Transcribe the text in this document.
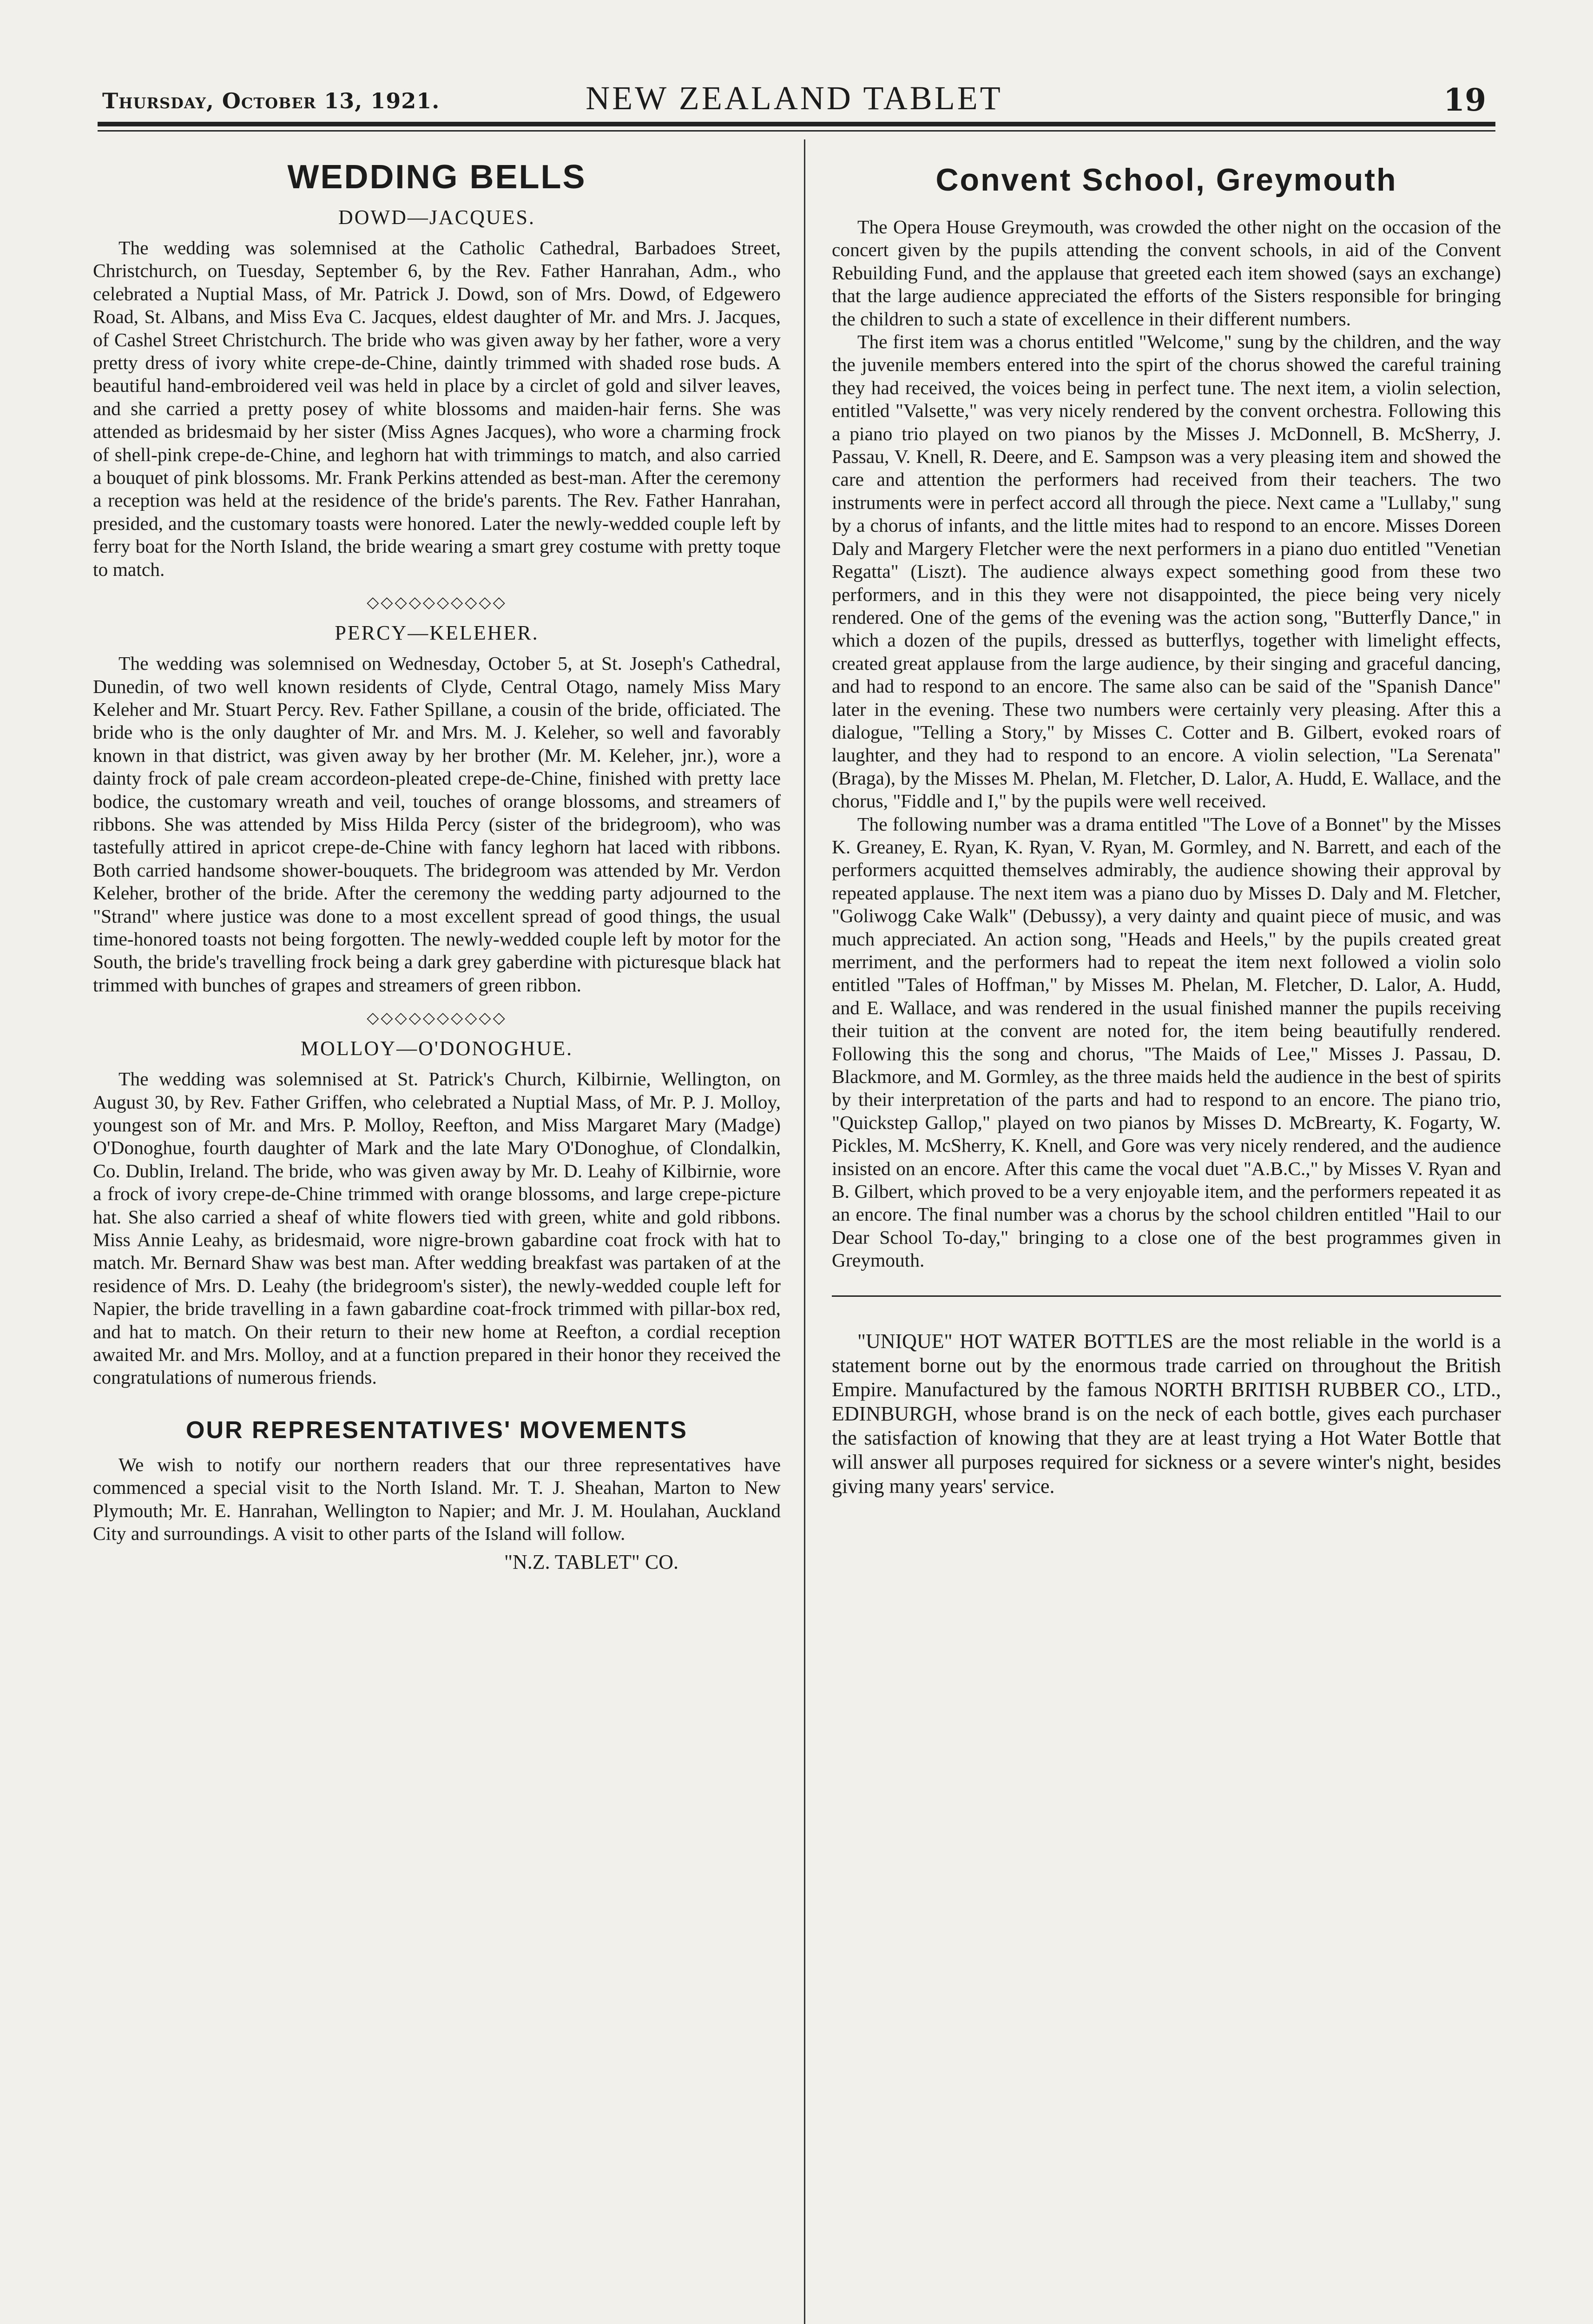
Thursday, October 13, 1921.	NEW ZEALAND TABLET	19
WEDDING BELLS
DOWD—JACQUES.

The wedding was solemnised at the Catholic Cathedral, Barbadoes Street, Christchurch, on Tuesday, September 6, by the Rev. Father Hanrahan, Adm., who celebrated a Nuptial Mass, of Mr. Patrick J. Dowd, son of Mrs. Dowd, of Edgewero Road, St. Albans, and Miss Eva C. Jacques, eldest daughter of Mr. and Mrs. J. Jacques, of Cashel Street Christchurch. The bride who was given away by her father, wore a very pretty dress of ivory white crepe-de-Chine, daintly trimmed with shaded rose buds. A beautiful hand-embroidered veil was held in place by a circlet of gold and silver leaves, and she carried a pretty posey of white blossoms and maiden-hair ferns. She was attended as bridesmaid by her sister (Miss Agnes Jacques), who wore a charming frock of shell-pink crepe-de-Chine, and leghorn hat with trimmings to match, and also carried a bouquet of pink blossoms. Mr. Frank Perkins attended as best-man. After the ceremony a reception was held at the residence of the bride's parents. The Rev. Father Hanrahan, presided, and the customary toasts were honored. Later the newly-wedded couple left by ferry boat for the North Island, the bride wearing a smart grey costume with pretty toque to match.

◇◇◇◇◇◇◇◇◇◇
PERCY—KELEHER.

The wedding was solemnised on Wednesday, October 5, at St. Joseph's Cathedral, Dunedin, of two well known residents of Clyde, Central Otago, namely Miss Mary Keleher and Mr. Stuart Percy. Rev. Father Spillane, a cousin of the bride, officiated. The bride who is the only daughter of Mr. and Mrs. M. J. Keleher, so well and favorably known in that district, was given away by her brother (Mr. M. Keleher, jnr.), wore a dainty frock of pale cream accordeon-pleated crepe-de-Chine, finished with pretty lace bodice, the customary wreath and veil, touches of orange blossoms, and streamers of ribbons. She was attended by Miss Hilda Percy (sister of the bridegroom), who was tastefully attired in apricot crepe-de-Chine with fancy leghorn hat laced with ribbons. Both carried handsome shower-bouquets. The bridegroom was attended by Mr. Verdon Keleher, brother of the bride. After the ceremony the wedding party adjourned to the "Strand" where justice was done to a most excellent spread of good things, the usual time-honored toasts not being forgotten. The newly-wedded couple left by motor for the South, the bride's travelling frock being a dark grey gaberdine with picturesque black hat trimmed with bunches of grapes and streamers of green ribbon.

◇◇◇◇◇◇◇◇◇◇
MOLLOY—O'DONOGHUE.

The wedding was solemnised at St. Patrick's Church, Kilbirnie, Wellington, on August 30, by Rev. Father Griffen, who celebrated a Nuptial Mass, of Mr. P. J. Molloy, youngest son of Mr. and Mrs. P. Molloy, Reefton, and Miss Margaret Mary (Madge) O'Donoghue, fourth daughter of Mark and the late Mary O'Donoghue, of Clondalkin, Co. Dublin, Ireland. The bride, who was given away by Mr. D. Leahy of Kilbirnie, wore a frock of ivory crepe-de-Chine trimmed with orange blossoms, and large crepe-picture hat. She also carried a sheaf of white flowers tied with green, white and gold ribbons. Miss Annie Leahy, as bridesmaid, wore nigre-brown gabardine coat frock with hat to match. Mr. Bernard Shaw was best man. After wedding breakfast was partaken of at the residence of Mrs. D. Leahy (the bridegroom's sister), the newly-wedded couple left for Napier, the bride travelling in a fawn gabardine coat-frock trimmed with pillar-box red, and hat to match. On their return to their new home at Reefton, a cordial reception awaited Mr. and Mrs. Molloy, and at a function prepared in their honor they received the congratulations of numerous friends.

OUR REPRESENTATIVES' MOVEMENTS

We wish to notify our northern readers that our three representatives have commenced a special visit to the North Island. Mr. T. J. Sheahan, Marton to New Plymouth; Mr. E. Hanrahan, Wellington to Napier; and Mr. J. M. Houlahan, Auckland City and surroundings. A visit to other parts of the Island will follow.

"N.Z. TABLET" CO.
Convent School, Greymouth

The Opera House Greymouth, was crowded the other night on the occasion of the concert given by the pupils attending the convent schools, in aid of the Convent Rebuilding Fund, and the applause that greeted each item showed (says an exchange) that the large audience appreciated the efforts of the Sisters responsible for bringing the children to such a state of excellence in their different numbers.

The first item was a chorus entitled "Welcome," sung by the children, and the way the juvenile members entered into the spirt of the chorus showed the careful training they had received, the voices being in perfect tune. The next item, a violin selection, entitled "Valsette," was very nicely rendered by the convent orchestra. Following this a piano trio played on two pianos by the Misses J. McDonnell, B. McSherry, J. Passau, V. Knell, R. Deere, and E. Sampson was a very pleasing item and showed the care and attention the performers had received from their teachers. The two instruments were in perfect accord all through the piece. Next came a "Lullaby," sung by a chorus of infants, and the little mites had to respond to an encore. Misses Doreen Daly and Margery Fletcher were the next performers in a piano duo entitled "Venetian Regatta" (Liszt). The audience always expect something good from these two performers, and in this they were not disappointed, the piece being very nicely rendered. One of the gems of the evening was the action song, "Butterfly Dance," in which a dozen of the pupils, dressed as butterflys, together with limelight effects, created great applause from the large audience, by their singing and graceful dancing, and had to respond to an encore. The same also can be said of the "Spanish Dance" later in the evening. These two numbers were certainly very pleasing. After this a dialogue, "Telling a Story," by Misses C. Cotter and B. Gilbert, evoked roars of laughter, and they had to respond to an encore. A violin selection, "La Serenata" (Braga), by the Misses M. Phelan, M. Fletcher, D. Lalor, A. Hudd, E. Wallace, and the chorus, "Fiddle and I," by the pupils were well received.

The following number was a drama entitled "The Love of a Bonnet" by the Misses K. Greaney, E. Ryan, K. Ryan, V. Ryan, M. Gormley, and N. Barrett, and each of the performers acquitted themselves admirably, the audience showing their approval by repeated applause. The next item was a piano duo by Misses D. Daly and M. Fletcher, "Goliwogg Cake Walk" (Debussy), a very dainty and quaint piece of music, and was much appreciated. An action song, "Heads and Heels," by the pupils created great merriment, and the performers had to repeat the item next followed a violin solo entitled "Tales of Hoffman," by Misses M. Phelan, M. Fletcher, D. Lalor, A. Hudd, and E. Wallace, and was rendered in the usual finished manner the pupils receiving their tuition at the convent are noted for, the item being beautifully rendered. Following this the song and chorus, "The Maids of Lee," Misses J. Passau, D. Blackmore, and M. Gormley, as the three maids held the audience in the best of spirits by their interpretation of the parts and had to respond to an encore. The piano trio, "Quickstep Gallop," played on two pianos by Misses D. McBrearty, K. Fogarty, W. Pickles, M. McSherry, K. Knell, and Gore was very nicely rendered, and the audience insisted on an encore. After this came the vocal duet "A.B.C.," by Misses V. Ryan and B. Gilbert, which proved to be a very enjoyable item, and the performers repeated it as an encore. The final number was a chorus by the school children entitled "Hail to our Dear School To-day," bringing to a close one of the best programmes given in Greymouth.

"UNIQUE" HOT WATER BOTTLES are the most reliable in the world is a statement borne out by the enormous trade carried on throughout the British Empire. Manufactured by the famous NORTH BRITISH RUBBER CO., LTD., EDINBURGH, whose brand is on the neck of each bottle, gives each purchaser the satisfaction of knowing that they are at least trying a Hot Water Bottle that will answer all purposes required for sickness or a severe winter's night, besides giving many years' service.
